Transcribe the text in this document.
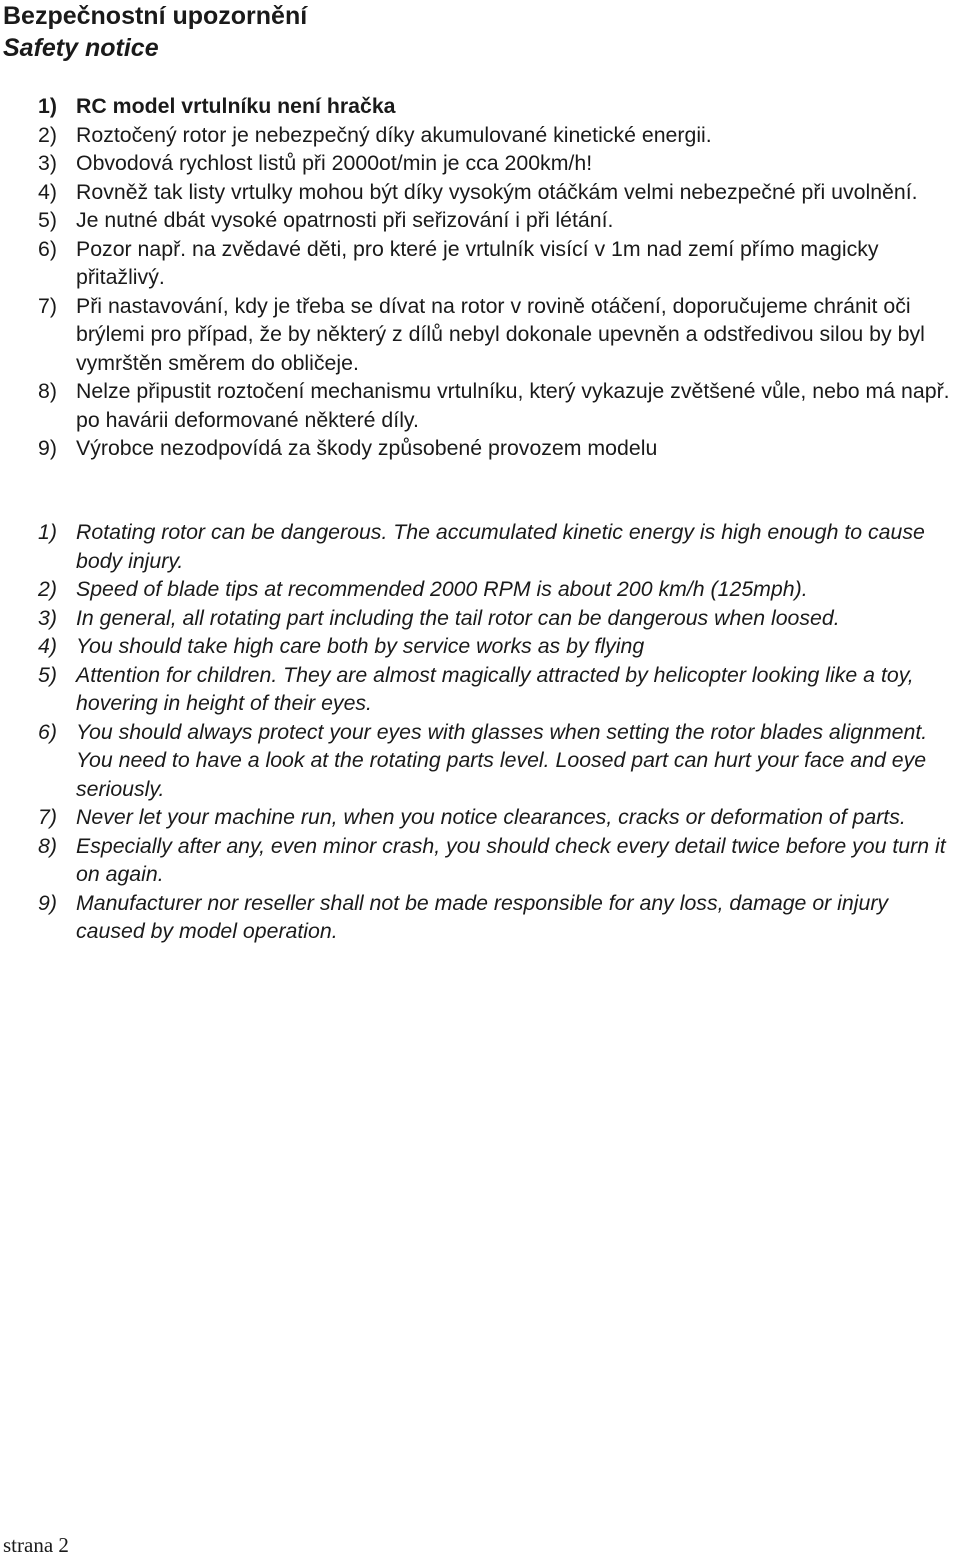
Bezpečnostní upozornění
Safety notice
1) RC model vrtulníku není hračka
2) Roztočený rotor je nebezpečný díky akumulované kinetické energii.
3) Obvodová rychlost listů při 2000ot/min je cca 200km/h!
4) Rovněž tak listy vrtulky mohou být díky vysokým otáčkám velmi nebezpečné při uvolnění.
5) Je nutné dbát vysoké opatrnosti při seřizování i při létání.
6) Pozor např. na zvědavé děti, pro které je vrtulník visící v 1m nad zemí přímo magicky přitažlivý.
7) Při nastavování, kdy je třeba se dívat na rotor v rovině otáčení, doporučujeme chránit oči brýlemi pro případ, že by některý z dílů nebyl dokonale upevněn a odstředivou silou by byl vymrštěn směrem do obličeje.
8) Nelze připustit roztočení mechanismu vrtulníku, který vykazuje zvětšené vůle, nebo má např. po havárii deformované některé díly.
9) Výrobce nezodpovídá za škody způsobené provozem modelu
1) Rotating rotor can be dangerous. The accumulated kinetic energy is high enough to cause body injury.
2) Speed of blade tips at recommended 2000 RPM is about 200 km/h (125mph).
3) In general, all rotating part including the tail rotor can be dangerous when loosed.
4) You should take high care both by service works as by flying
5) Attention for children. They are almost magically attracted by helicopter looking like a toy, hovering in height of their eyes.
6) You should always protect your eyes with glasses when setting the rotor blades alignment. You need to have a look at the rotating parts level. Loosed part can hurt your face and eye seriously.
7) Never let your machine run, when you notice clearances, cracks or deformation of parts.
8) Especially after any, even minor crash, you should check every detail twice before you turn it on again.
9) Manufacturer nor reseller shall not be made responsible for any loss, damage or injury caused by model operation.

strana 2
